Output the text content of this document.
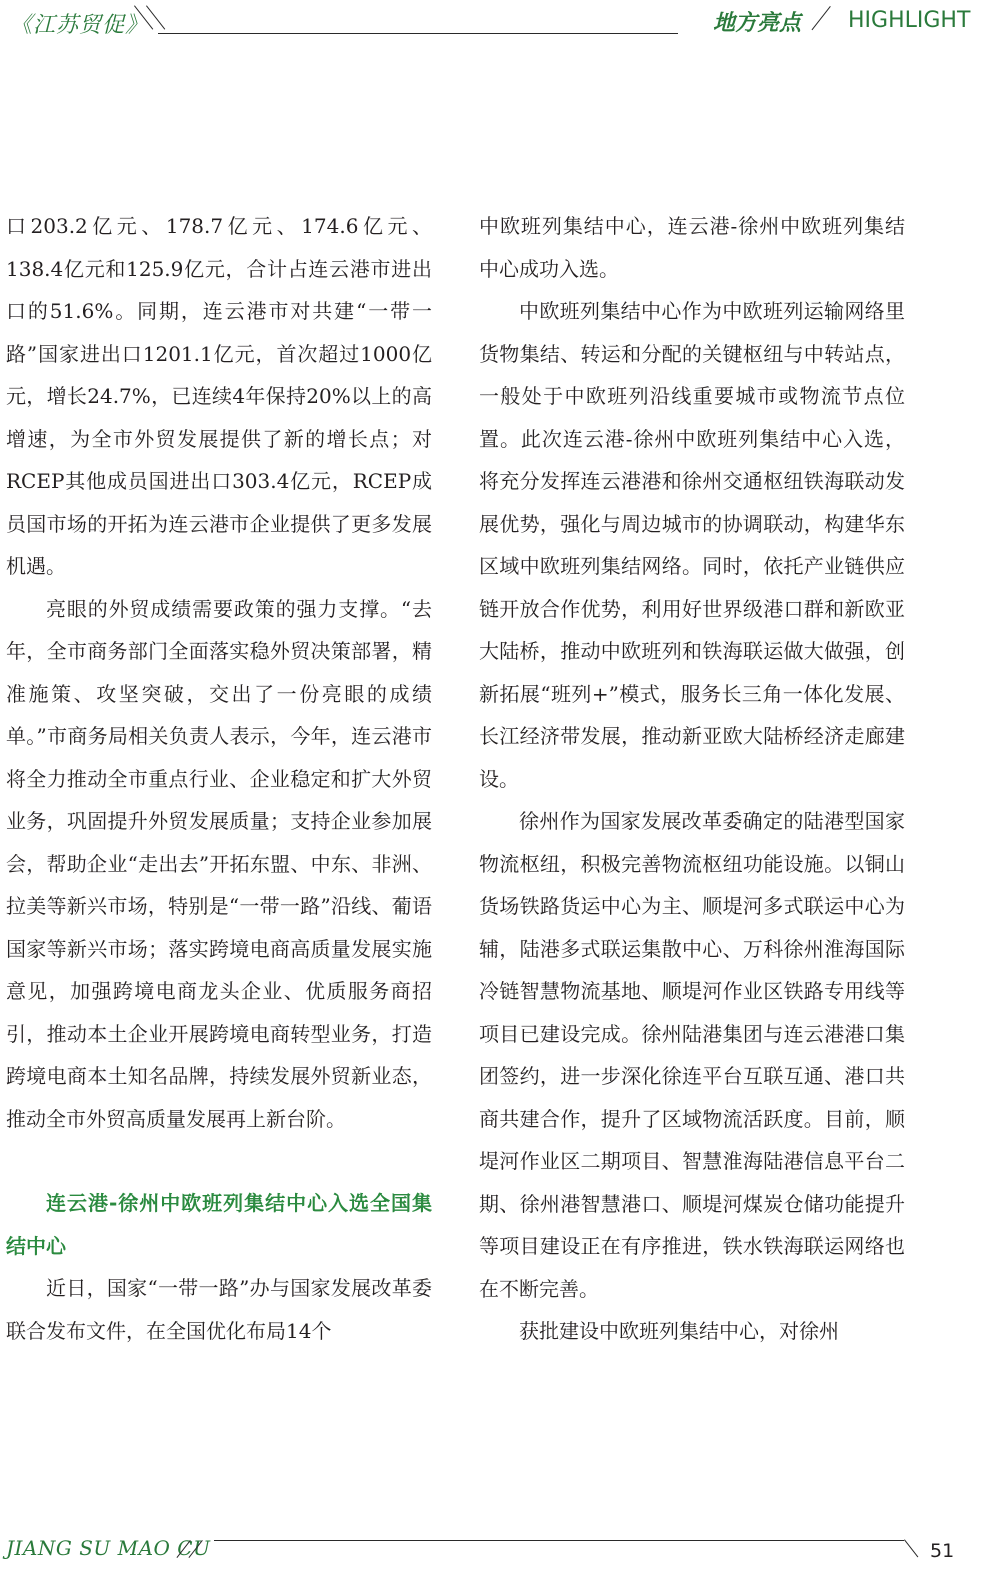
《江苏贸促》	地方亮点 HIGHLIGHT

口203.2亿元、178.7亿元、174.6亿元、138.4亿元和125.9亿元，合计占连云港市进出口的51.6%。同期，连云港市对共建“一带一路”国家进出口1201.1亿元，首次超过1000亿元，增长24.7%，已连续4年保持20%以上的高增速，为全市外贸发展提供了新的增长点；对RCEP其他成员国进出口303.4亿元，RCEP成员国市场的开拓为连云港市企业提供了更多发展机遇。

亮眼的外贸成绩需要政策的强力支撑。“去年，全市商务部门全面落实稳外贸决策部署，精准施策、攻坚突破，交出了一份亮眼的成绩单。”市商务局相关负责人表示，今年，连云港市将全力推动全市重点行业、企业稳定和扩大外贸业务，巩固提升外贸发展质量；支持企业参加展会，帮助企业“走出去”开拓东盟、中东、非洲、拉美等新兴市场，特别是“一带一路”沿线、葡语国家等新兴市场；落实跨境电商高质量发展实施意见，加强跨境电商龙头企业、优质服务商招引，推动本土企业开展跨境电商转型业务，打造跨境电商本土知名品牌，持续发展外贸新业态，推动全市外贸高质量发展再上新台阶。

连云港-徐州中欧班列集结中心入选全国集结中心

近日，国家“一带一路”办与国家发展改革委联合发布文件，在全国优化布局14个

中欧班列集结中心，连云港-徐州中欧班列集结中心成功入选。

中欧班列集结中心作为中欧班列运输网络里货物集结、转运和分配的关键枢纽与中转站点，一般处于中欧班列沿线重要城市或物流节点位置。此次连云港-徐州中欧班列集结中心入选，将充分发挥连云港港和徐州交通枢纽铁海联动发展优势，强化与周边城市的协调联动，构建华东区域中欧班列集结网络。同时，依托产业链供应链开放合作优势，利用好世界级港口群和新欧亚大陆桥，推动中欧班列和铁海联运做大做强，创新拓展“班列+”模式，服务长三角一体化发展、长江经济带发展，推动新亚欧大陆桥经济走廊建设。

徐州作为国家发展改革委确定的陆港型国家物流枢纽，积极完善物流枢纽功能设施。以铜山货场铁路货运中心为主、顺堤河多式联运中心为辅，陆港多式联运集散中心、万科徐州淮海国际冷链智慧物流基地、顺堤河作业区铁路专用线等项目已建设完成。徐州陆港集团与连云港港口集团签约，进一步深化徐连平台互联互通、港口共商共建合作，提升了区域物流活跃度。目前，顺堤河作业区二期项目、智慧淮海陆港信息平台二期、徐州港智慧港口、顺堤河煤炭仓储功能提升等项目建设正在有序推进，铁水铁海联运网络也在不断完善。

获批建设中欧班列集结中心，对徐州

JIANG SU MAO CU	51
